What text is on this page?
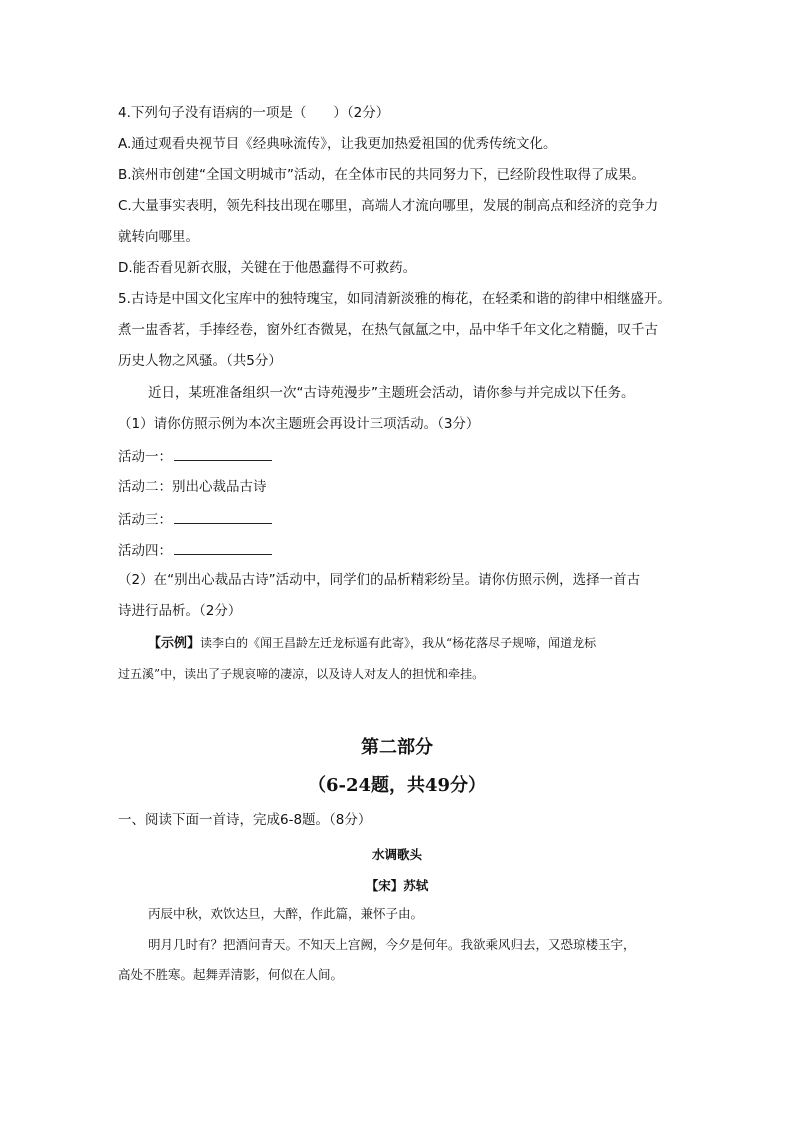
4.下列句子没有语病的一项是（　　）（2分）
A.通过观看央视节目《经典咏流传》，让我更加热爱祖国的优秀传统文化。
B.滨州市创建“全国文明城市”活动，在全体市民的共同努力下，已经阶段性取得了成果。
C.大量事实表明，领先科技出现在哪里，高端人才流向哪里，发展的制高点和经济的竞争力
就转向哪里。
D.能否看见新衣服，关键在于他愚蠢得不可救药。
5.古诗是中国文化宝库中的独特瑰宝，如同清新淡雅的梅花，在轻柔和谐的韵律中相继盛开。
煮一盅香茗，手捧经卷，窗外红杏微晃，在热气氤氲之中，品中华千年文化之精髓，叹千古
历史人物之风骚。（共5分）
近日，某班准备组织一次“古诗苑漫步”主题班会活动，请你参与并完成以下任务。
（1）请你仿照示例为本次主题班会再设计三项活动。（3分）
活动一：
活动二：别出心裁品古诗
活动三：
活动四：
（2）在“别出心裁品古诗”活动中，同学们的品析精彩纷呈。请你仿照示例，选择一首古
诗进行品析。（2分）
【示例】读李白的《闻王昌龄左迁龙标遥有此寄》，我从“杨花落尽子规啼，闻道龙标
过五溪”中，读出了子规哀啼的凄凉，以及诗人对友人的担忧和牵挂。
第二部分
（6-24题，共49分）
一、阅读下面一首诗，完成6-8题。（8分）
水调歌头
【宋】苏轼
丙辰中秋，欢饮达旦，大醉，作此篇，兼怀子由。
明月几时有？把酒问青天。不知天上宫阙，今夕是何年。我欲乘风归去，又恐琼楼玉宇，
高处不胜寒。起舞弄清影，何似在人间。
